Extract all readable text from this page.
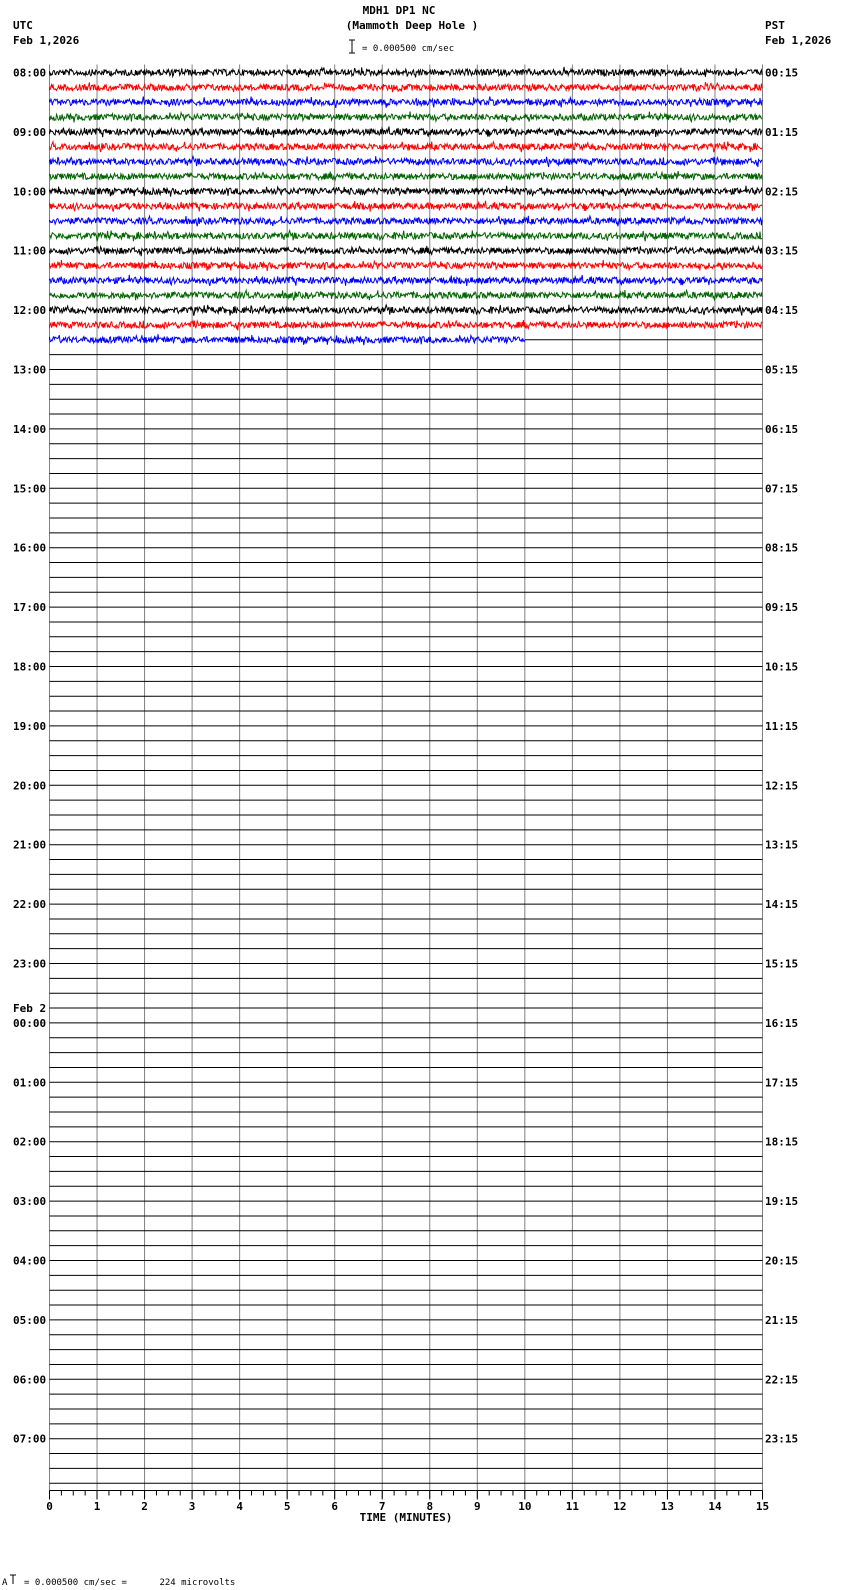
MDH1 DP1 NC
(Mammoth Deep Hole )
UTC
Feb 1,2026
PST
Feb 1,2026
= 0.000500 cm/sec
08:00	00:15
09:00	01:15
10:00	02:15
11:00	03:15
12:00	04:15
13:00	05:15
14:00	06:15
15:00	07:15
16:00	08:15
17:00	09:15
18:00	10:15
19:00	11:15
20:00	12:15
21:00	13:15
22:00	14:15
23:00	15:15
00:00	16:15
01:00	17:15
02:00	18:15
03:00	19:15
04:00	20:15
05:00	21:15
06:00	22:15
07:00	23:15
Feb 2
0	1	2	3	4	5	6	7	8	9	10	11	12	13	14	15
TIME (MINUTES)
A = 0.000500 cm/sec =      224 microvolts
